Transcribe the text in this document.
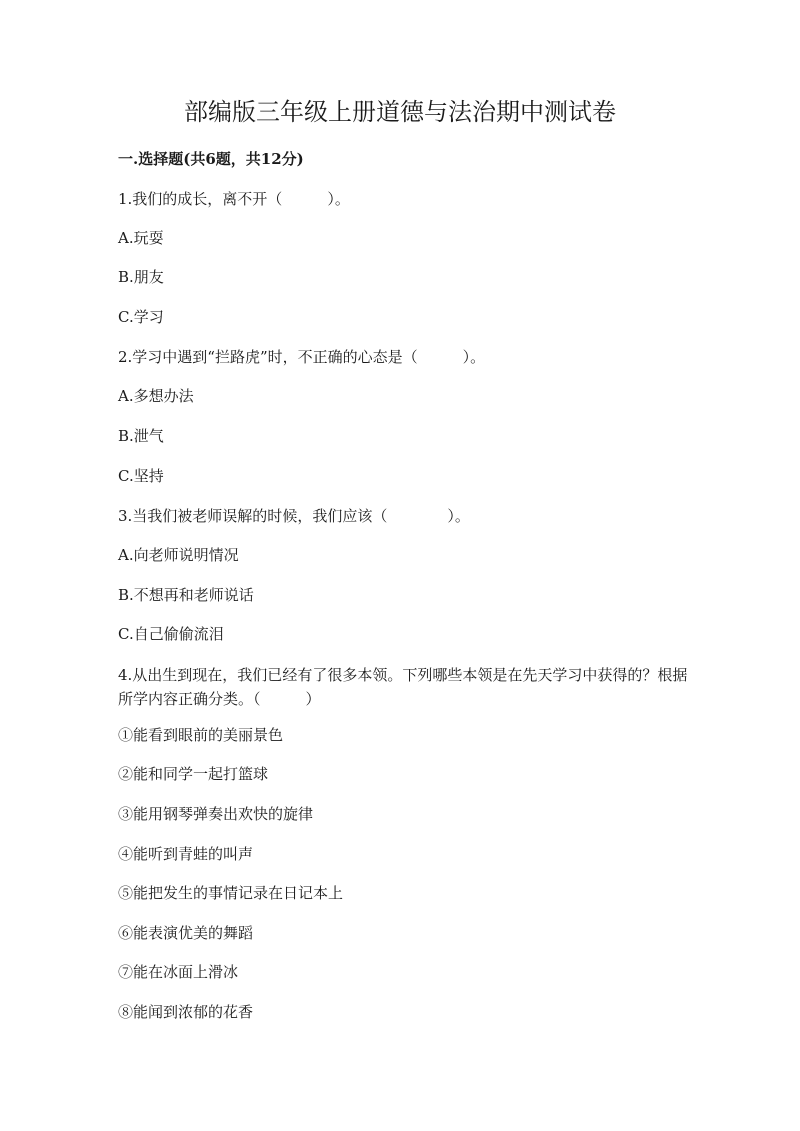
部编版三年级上册道德与法治期中测试卷
一.选择题(共6题，共12分)
1.我们的成长，离不开（　　　）。
A.玩耍
B.朋友
C.学习
2.学习中遇到“拦路虎”时，不正确的心态是（　　　）。
A.多想办法
B.泄气
C.坚持
3.当我们被老师误解的时候，我们应该（　　　　）。
A.向老师说明情况
B.不想再和老师说话
C.自己偷偷流泪
4.从出生到现在，我们已经有了很多本领。下列哪些本领是在先天学习中获得的？根据所学内容正确分类。（　　　）
①能看到眼前的美丽景色
②能和同学一起打篮球
③能用钢琴弹奏出欢快的旋律
④能听到青蛙的叫声
⑤能把发生的事情记录在日记本上
⑥能表演优美的舞蹈
⑦能在冰面上滑冰
⑧能闻到浓郁的花香
